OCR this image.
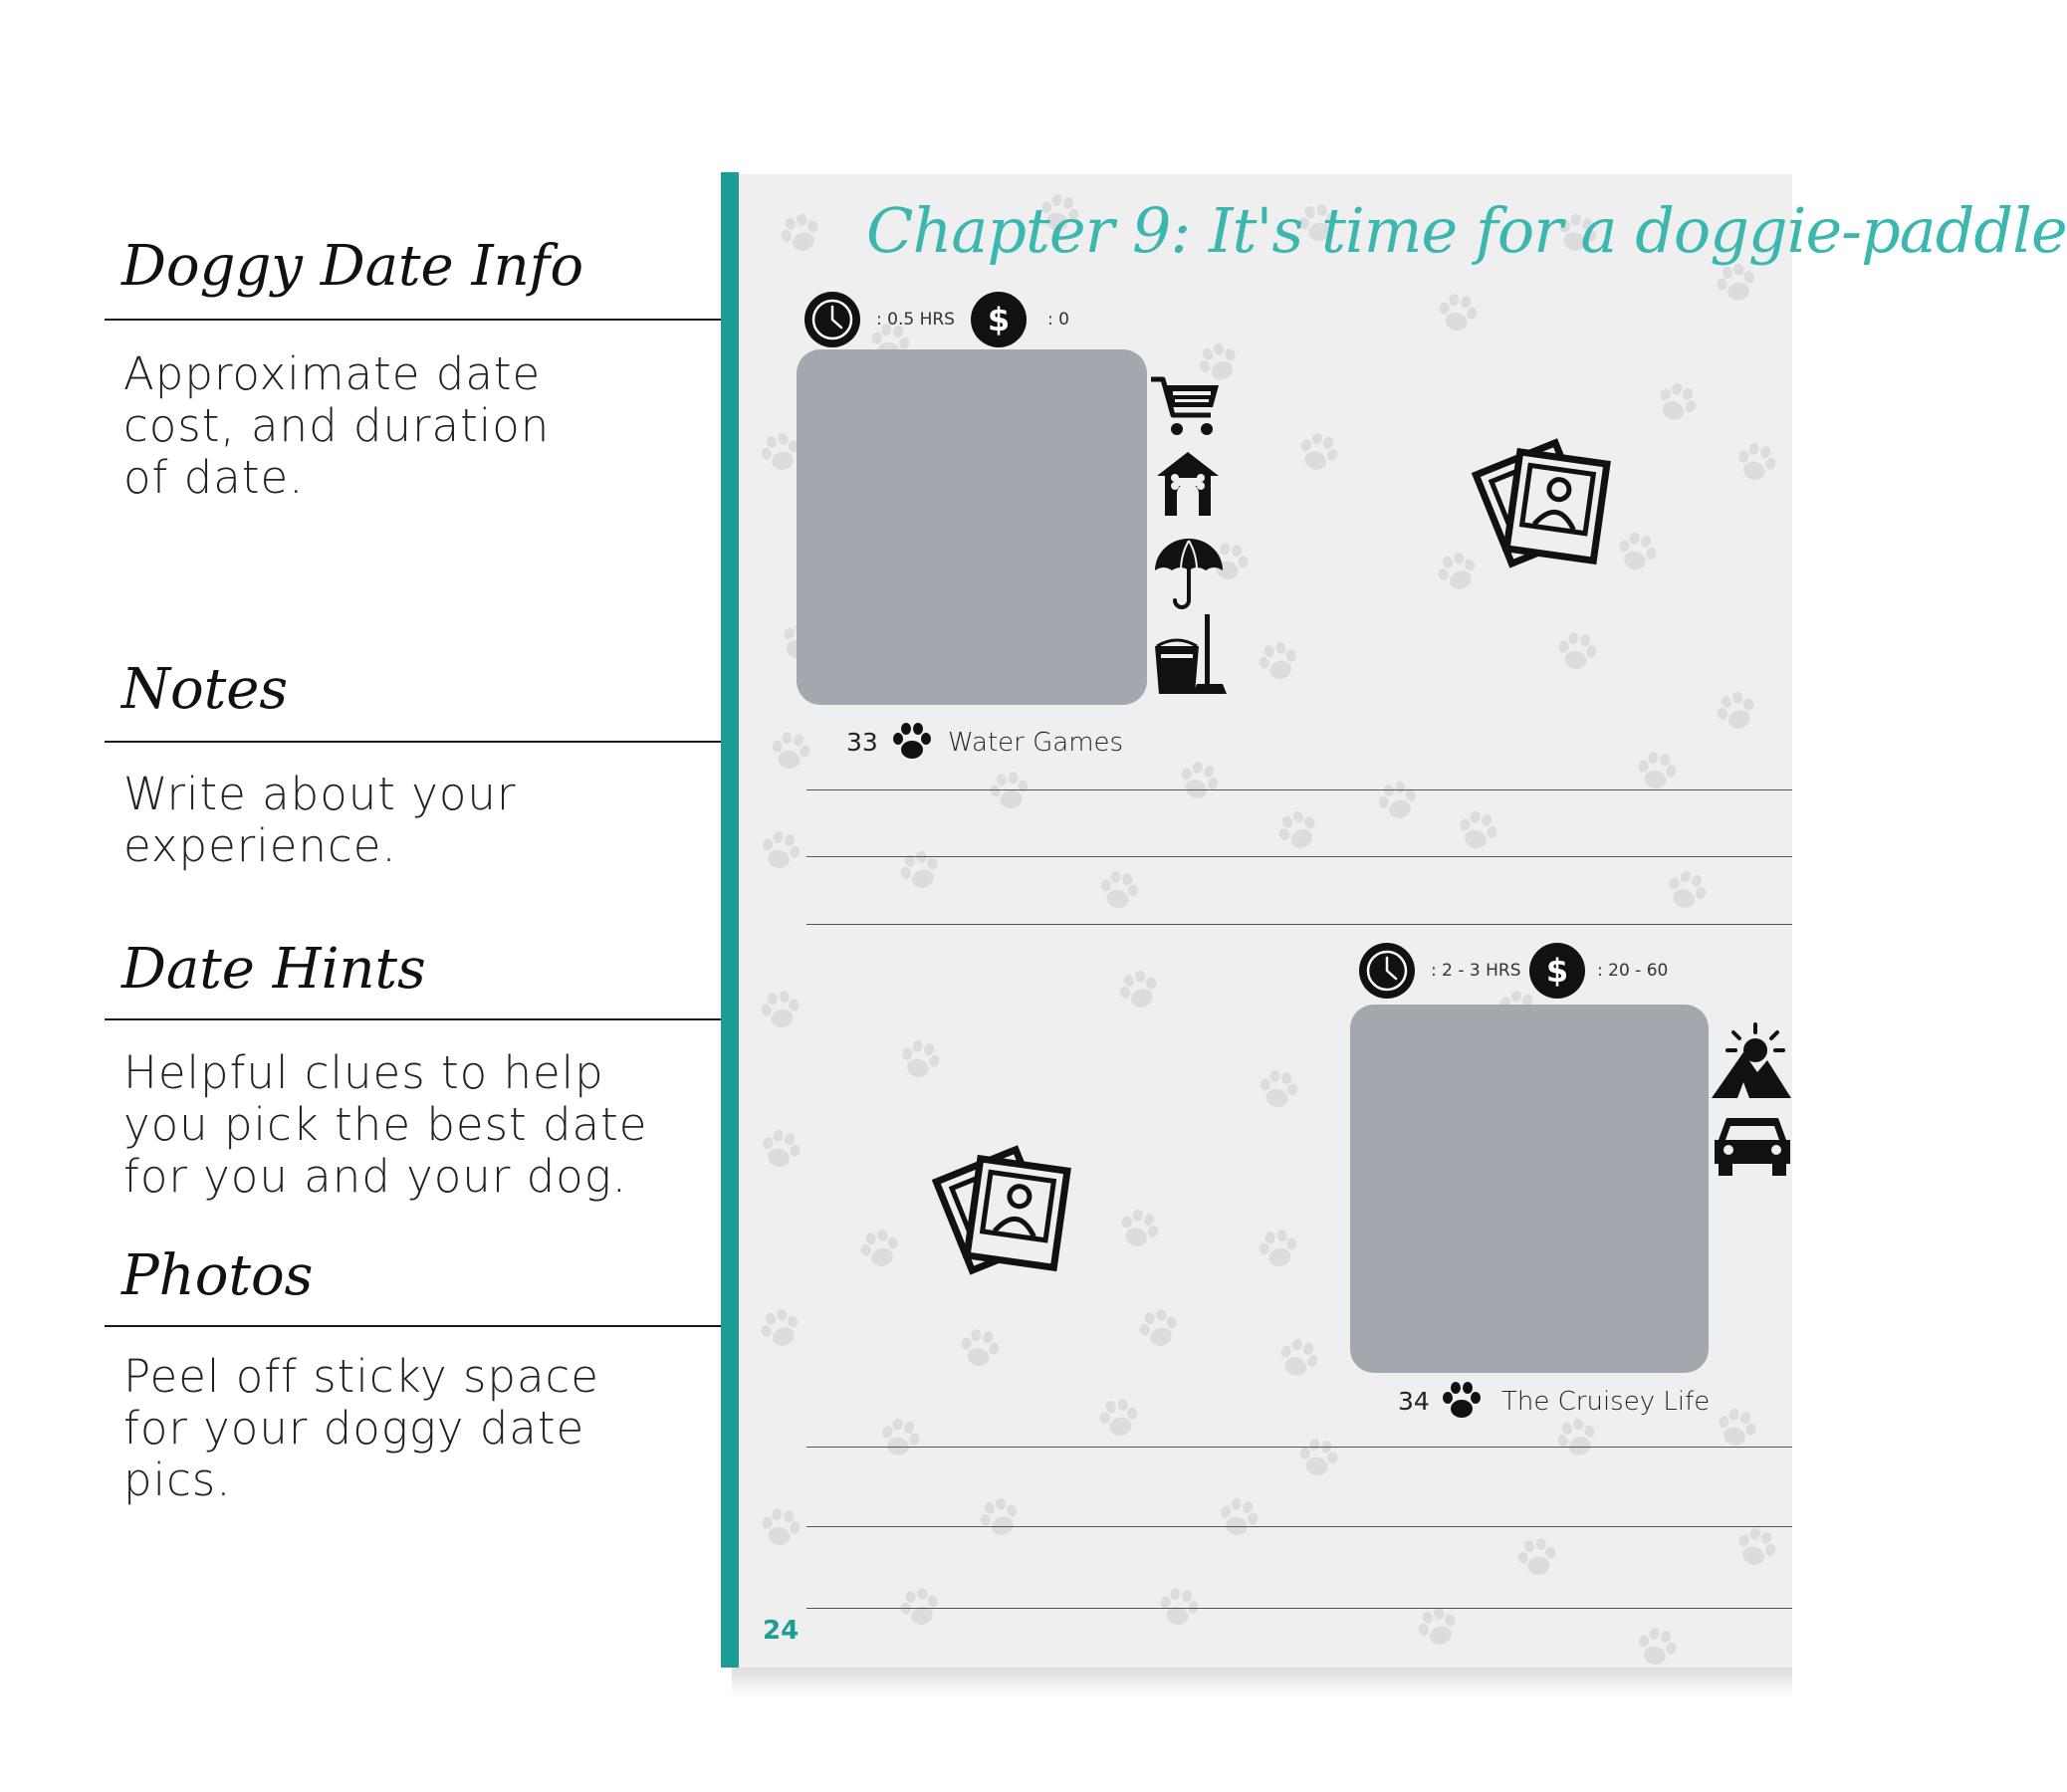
Doggy Date Info
Approximate date
cost, and duration
of date.
Notes
Write about your
experience.
Date Hints
Helpful clues to help
you pick the best date
for you and your dog.
Photos
Peel off sticky space
for your doggy date
pics.
Chapter 9: It's time for a doggie-paddle
: 0.5 HRS $ : 0
33	Water Games
: 2 - 3 HRS $ : 20 - 60
34	The Cruisey Life
24
